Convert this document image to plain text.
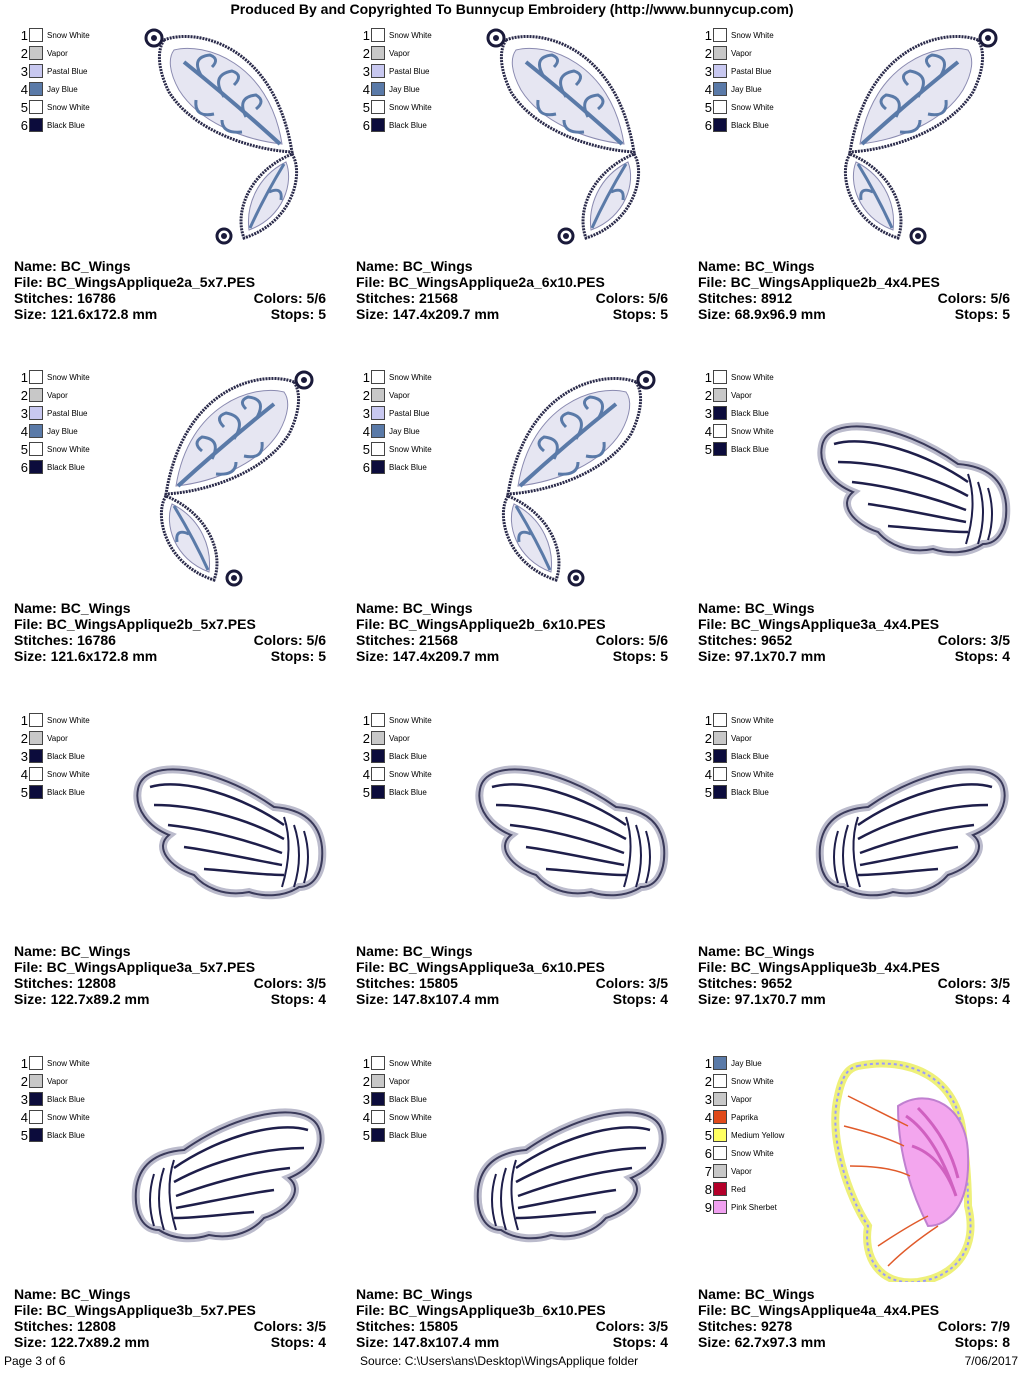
Produced By and Copyrighted To Bunnycup Embroidery (http://www.bunnycup.com)
1 Snow White
2 Vapor
3 Pastal Blue
4 Jay Blue
5 Snow White
6 Black Blue
Name: BC_Wings
File: BC_WingsApplique2a_5x7.PES
Stitches: 16786	Colors: 5/6
Size: 121.6x172.8 mm	Stops: 5
1 Snow White
2 Vapor
3 Pastal Blue
4 Jay Blue
5 Snow White
6 Black Blue
Name: BC_Wings
File: BC_WingsApplique2a_6x10.PES
Stitches: 21568	Colors: 5/6
Size: 147.4x209.7 mm	Stops: 5
1 Snow White
2 Vapor
3 Pastal Blue
4 Jay Blue
5 Snow White
6 Black Blue
Name: BC_Wings
File: BC_WingsApplique2b_4x4.PES
Stitches: 8912	Colors: 5/6
Size: 68.9x96.9 mm	Stops: 5
1 Snow White
2 Vapor
3 Pastal Blue
4 Jay Blue
5 Snow White
6 Black Blue
Name: BC_Wings
File: BC_WingsApplique2b_5x7.PES
Stitches: 16786	Colors: 5/6
Size: 121.6x172.8 mm	Stops: 5
1 Snow White
2 Vapor
3 Pastal Blue
4 Jay Blue
5 Snow White
6 Black Blue
Name: BC_Wings
File: BC_WingsApplique2b_6x10.PES
Stitches: 21568	Colors: 5/6
Size: 147.4x209.7 mm	Stops: 5
1 Snow White
2 Vapor
3 Black Blue
4 Snow White
5 Black Blue
Name: BC_Wings
File: BC_WingsApplique3a_4x4.PES
Stitches: 9652	Colors: 3/5
Size: 97.1x70.7 mm	Stops: 4
1 Snow White
2 Vapor
3 Black Blue
4 Snow White
5 Black Blue
Name: BC_Wings
File: BC_WingsApplique3a_5x7.PES
Stitches: 12808	Colors: 3/5
Size: 122.7x89.2 mm	Stops: 4
1 Snow White
2 Vapor
3 Black Blue
4 Snow White
5 Black Blue
Name: BC_Wings
File: BC_WingsApplique3a_6x10.PES
Stitches: 15805	Colors: 3/5
Size: 147.8x107.4 mm	Stops: 4
1 Snow White
2 Vapor
3 Black Blue
4 Snow White
5 Black Blue
Name: BC_Wings
File: BC_WingsApplique3b_4x4.PES
Stitches: 9652	Colors: 3/5
Size: 97.1x70.7 mm	Stops: 4
1 Snow White
2 Vapor
3 Black Blue
4 Snow White
5 Black Blue
Name: BC_Wings
File: BC_WingsApplique3b_5x7.PES
Stitches: 12808	Colors: 3/5
Size: 122.7x89.2 mm	Stops: 4
1 Snow White
2 Vapor
3 Black Blue
4 Snow White
5 Black Blue
Name: BC_Wings
File: BC_WingsApplique3b_6x10.PES
Stitches: 15805	Colors: 3/5
Size: 147.8x107.4 mm	Stops: 4
1 Jay Blue
2 Snow White
3 Vapor
4 Paprika
5 Medium Yellow
6 Snow White
7 Vapor
8 Red
9 Pink Sherbet
Name: BC_Wings
File: BC_WingsApplique4a_4x4.PES
Stitches: 9278	Colors: 7/9
Size: 62.7x97.3 mm	Stops: 8
Page 3 of 6	Source: C:\Users\ans\Desktop\WingsApplique folder	7/06/2017
